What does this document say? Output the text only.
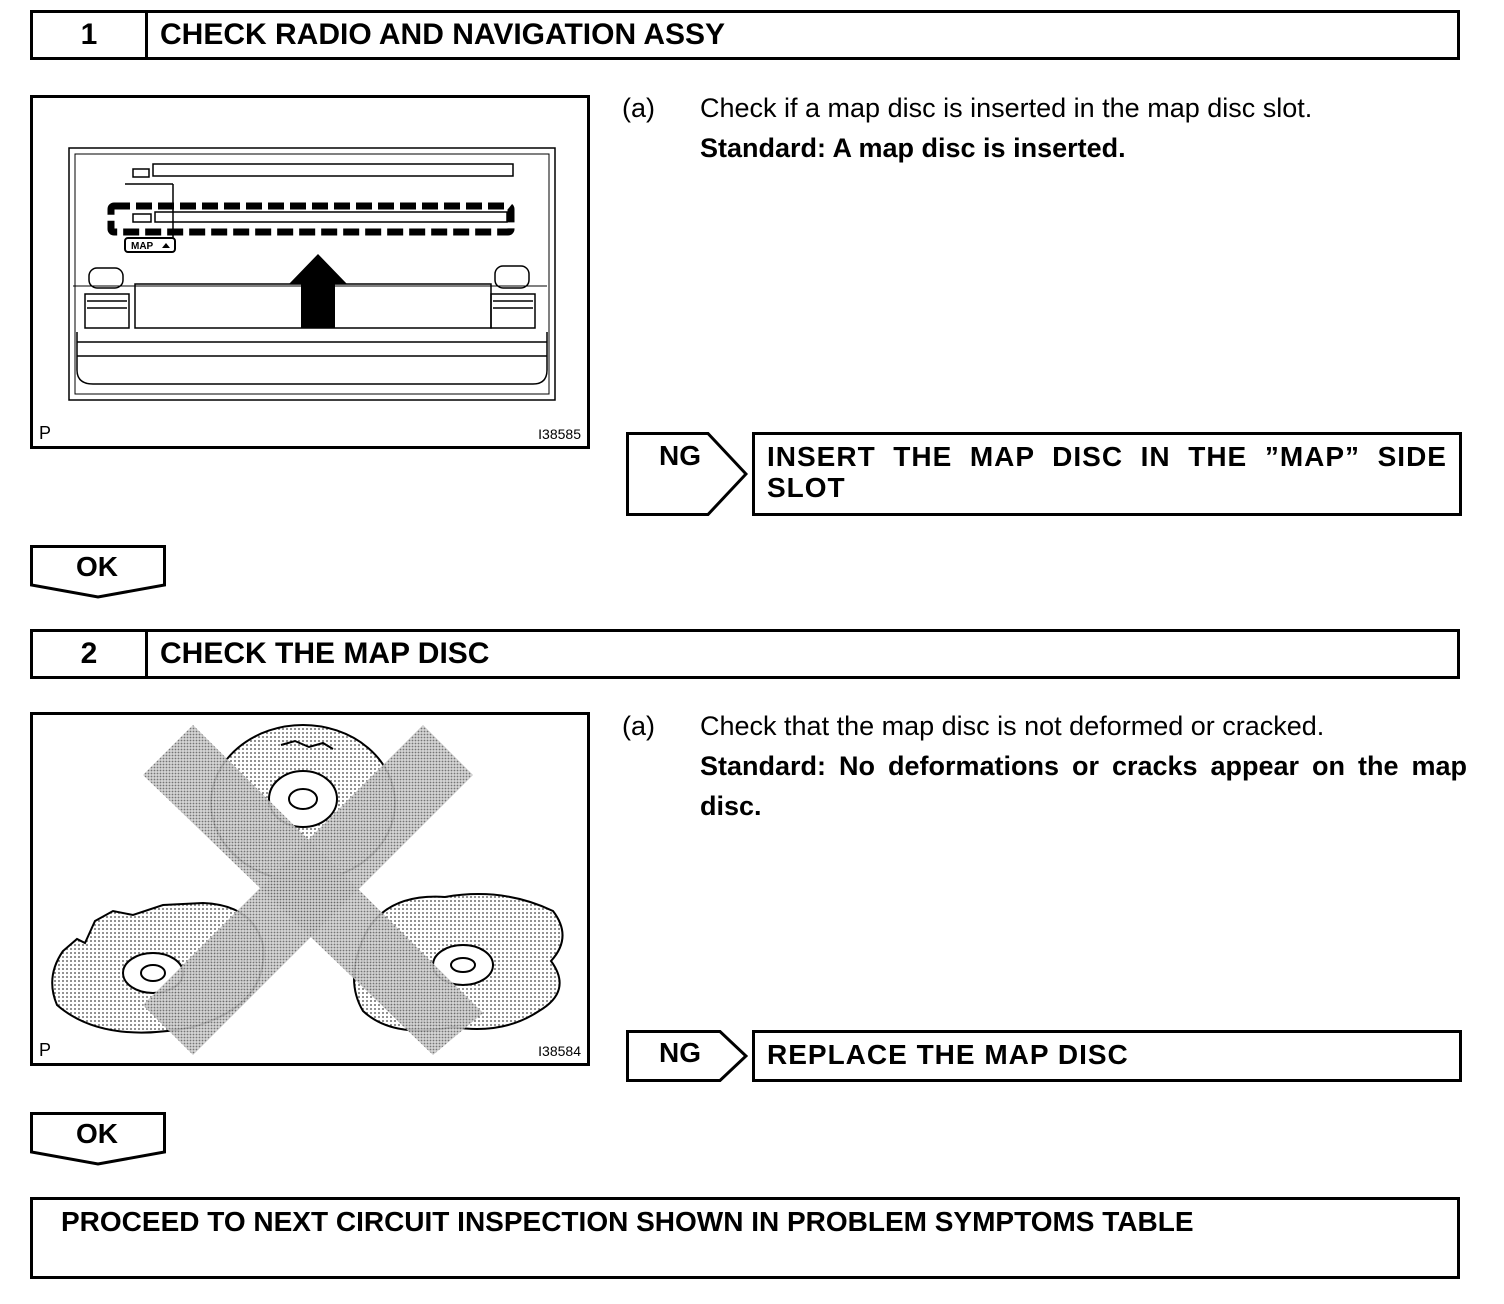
1	CHECK RADIO AND NAVIGATION ASSY
MAP
P	I38585
(a)	Check if a map disc is inserted in the map disc slot.
Standard: A map disc is inserted.
NG	INSERT THE MAP DISC IN THE ”MAP” SIDE SLOT
OK
2	CHECK THE MAP DISC
P	I38584
(a)	Check that the map disc is not deformed or cracked.
Standard: No deformations or cracks appear on the map disc.
NG	REPLACE THE MAP DISC
OK
PROCEED TO NEXT CIRCUIT INSPECTION SHOWN IN PROBLEM SYMPTOMS TABLE
